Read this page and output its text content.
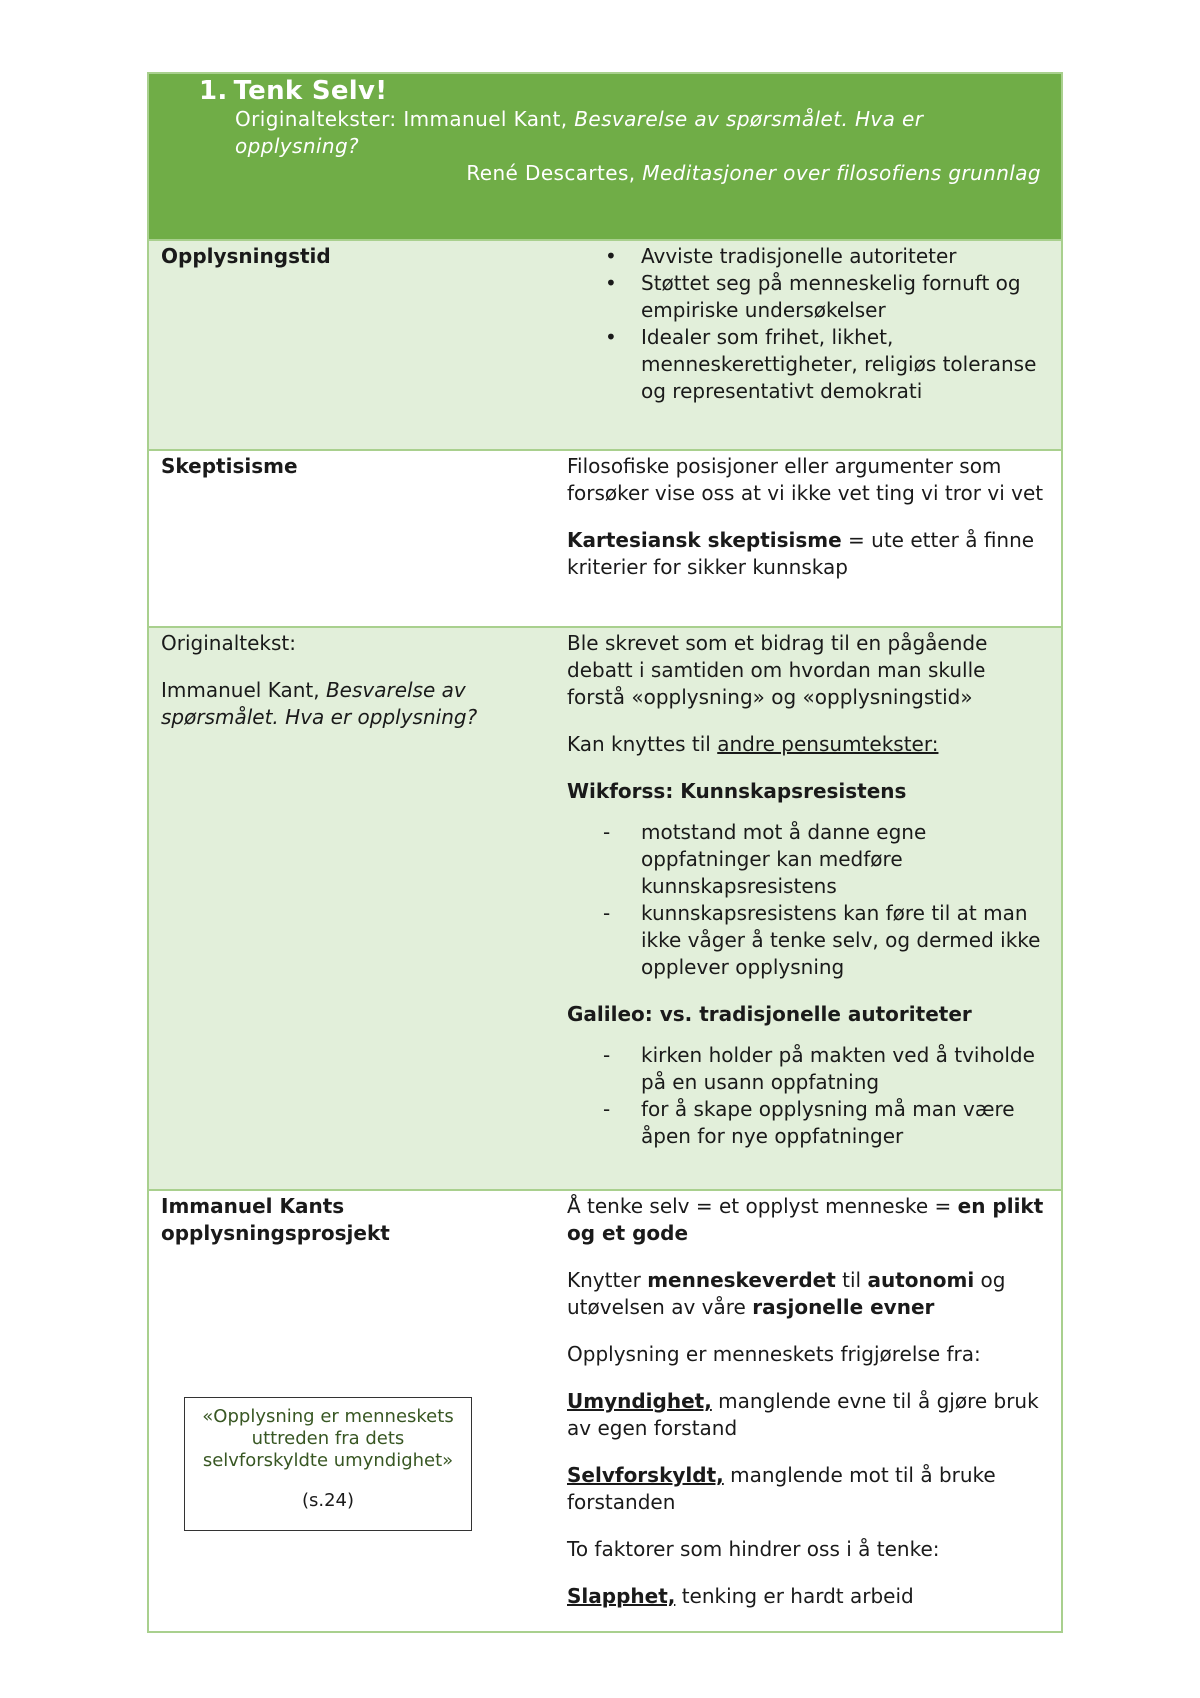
1. Tenk Selv!
Originaltekster: Immanuel Kant, Besvarelse av spørsmålet. Hva er opplysning?
René Descartes, Meditasjoner over filosofiens grunnlag
Opplysningstid
•	Avviste tradisjonelle autoriteter
• Støttet seg på menneskelig fornuft og empiriske undersøkelser
• Idealer som frihet, likhet, menneskerettigheter, religiøs toleranse og representativt demokrati
Skeptisisme	Filosofiske posisjoner eller argumenter som forsøker vise oss at vi ikke vet ting vi tror vi vet

Kartesiansk skeptisisme = ute etter å finne kriterier for sikker kunnskap

Originaltekst:

Immanuel Kant, Besvarelse av spørsmålet. Hva er opplysning?

Ble skrevet som et bidrag til en pågående debatt i samtiden om hvordan man skulle forstå «opplysning» og «opplysningstid»

Kan knyttes til andre pensumtekster:

Wikforss: Kunnskapsresistens

- motstand mot å danne egne oppfatninger kan medføre kunnskapsresistens
- kunnskapsresistens kan føre til at man ikke våger å tenke selv, og dermed ikke opplever opplysning

Galileo: vs. tradisjonelle autoriteter

- kirken holder på makten ved å tviholde på en usann oppfatning
- for å skape opplysning må man være åpen for nye oppfatninger
Immanuel Kants opplysningsprosjekt
«Opplysning er menneskets uttreden fra dets selvforskyldte umyndighet»
(s.24)

Å tenke selv = et opplyst menneske = en plikt og et gode

Knytter menneskeverdet til autonomi og utøvelsen av våre rasjonelle evner

Opplysning er menneskets frigjørelse fra:

Umyndighet, manglende evne til å gjøre bruk av egen forstand

Selvforskyldt, manglende mot til å bruke forstanden

To faktorer som hindrer oss i å tenke:

Slapphet, tenking er hardt arbeid
